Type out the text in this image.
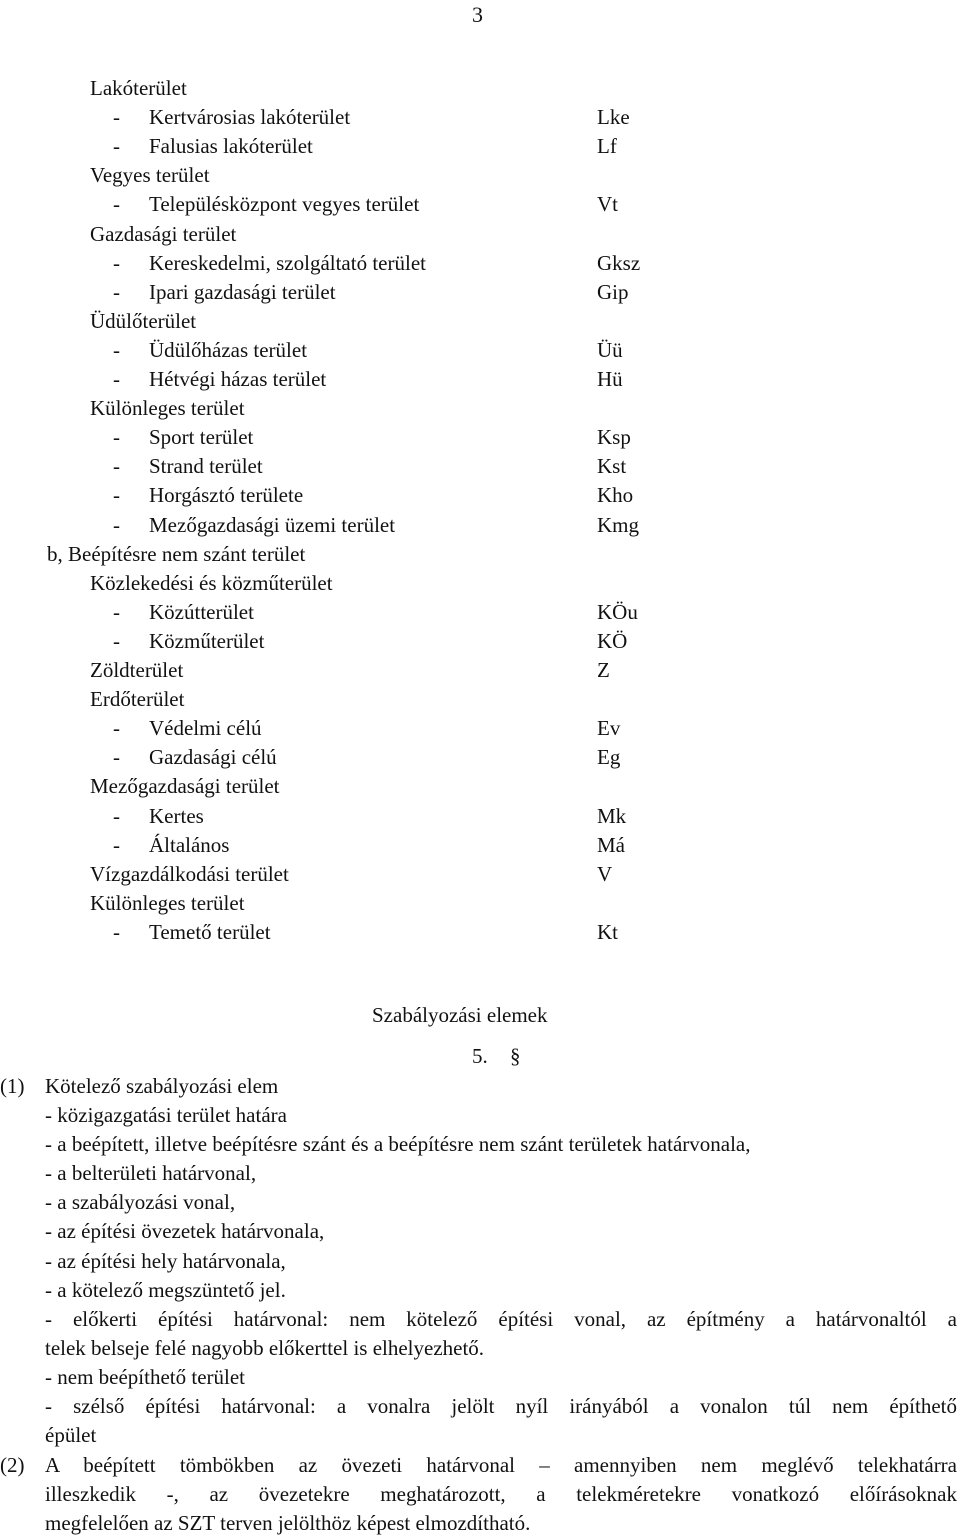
3
Lakóterület
- Kertvárosias lakóterület	Lke
- Falusias lakóterület	Lf
Vegyes terület
- Településközpont vegyes terület	Vt
Gazdasági terület
- Kereskedelmi, szolgáltató terület	Gksz
- Ipari gazdasági terület	Gip
Üdülőterület
- Üdülőházas terület	Üü
- Hétvégi házas terület	Hü
Különleges terület
- Sport terület	Ksp
- Strand terület	Kst
- Horgásztó területe	Kho
- Mezőgazdasági üzemi terület	Kmg
b, Beépítésre nem szánt terület
Közlekedési és közműterület
- Közútterület	KÖu
- Közműterület	KÖ
Zöldterület	Z
Erdőterület
- Védelmi célú	Ev
- Gazdasági célú	Eg
Mezőgazdasági terület
- Kertes	Mk
- Általános	Má
Vízgazdálkodási terület	V
Különleges terület
- Temető terület	Kt
Szabályozási elemek
5. §
(1) Kötelező szabályozási elem
- közigazgatási terület határa
- a beépített, illetve beépítésre szánt és a beépítésre nem szánt területek határvonala,
- a belterületi határvonal,
- a szabályozási vonal,
- az építési övezetek határvonala,
- az építési hely határvonala,
- a kötelező megszüntető jel.
- előkerti építési határvonal: nem kötelező építési vonal, az építmény a határvonaltól a
telek belseje felé nagyobb előkerttel is elhelyezhető.
- nem beépíthető terület
- szélső építési határvonal: a vonalra jelölt nyíl irányából a vonalon túl nem építhető
épület
(2) A beépített tömbökben az övezeti határvonal – amennyiben nem meglévő telekhatárra
illeszkedik -, az övezetekre meghatározott, a telekméretekre vonatkozó előírásoknak
megfelelően az SZT terven jelölthöz képest elmozdítható.
